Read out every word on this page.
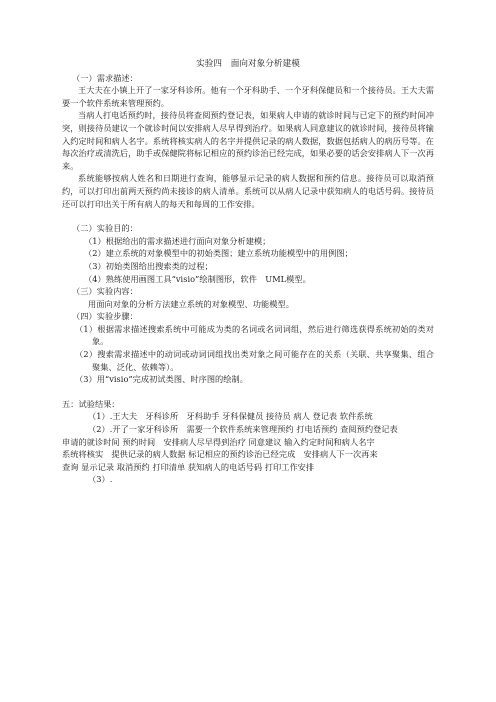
实验四　面向对象分析建模
（一）需求描述：
王大夫在小镇上开了一家牙科诊所。他有一个牙科助手、一个牙科保健员和一个接待员。王大夫需要一个软件系统来管理预约。
当病人打电话预约时，接待员将查阅预约登记表，如果病人申请的就诊时间与已定下的预约时间冲突，则接待员建议一个就诊时间以安排病人尽早得到治疗。如果病人同意建议的就诊时间，接待员将输入约定时间和病人名字。系统将核实病人的名字并提供记录的病人数据，数据包括病人的病历号等。在每次治疗或清洗后，助手或保健院将标记相应的预约诊治已经完成，如果必要的话会安排病人下一次再来。
系统能够按病人姓名和日期进行查询，能够显示记录的病人数据和预约信息。接待员可以取消预约，可以打印出前两天预约尚未接诊的病人清单。系统可以从病人记录中获知病人的电话号码。接待员还可以打印出关于所有病人的每天和每周的工作安排。
（二）实验目的：
（1）根据给出的需求描述进行面向对象分析建模；
（2）建立系统的对象模型中的初始类图；建立系统功能模型中的用例图；
（3）初始类图给出搜索类的过程；
（4）熟练使用画图工具“visio”绘制图形，软件　UML模型。
（三）实验内容：
用面向对象的分析方法建立系统的对象模型、功能模型。
（四）实验步骤：
（1）根据需求描述搜索系统中可能成为类的名词或名词词组，然后进行筛选获得系统初始的类对象。
（2）搜索需求描述中的动词或动词词组找出类对象之间可能存在的关系（关联、共享聚集、组合聚集、泛化、依赖等）。
（3）用“visio”完成初试类图、时序图的绘制。
五：试验结果：
（1）.王大夫　牙科诊所　牙科助手 牙科保健员 接待员 病人 登记表 软件系统
（2）.开了一家牙科诊所　需要一个软件系统来管理预约 打电话预约 查阅预约登记表
申请的就诊时间 预约时间　安排病人尽早得到治疗 同意建议 输入约定时间和病人名字
系统将核实　提供记录的病人数据 标记相应的预约诊治已经完成　安排病人下一次再来
查询 显示记录 取消预约 打印清单 获知病人的电话号码 打印工作安排
（3）.
